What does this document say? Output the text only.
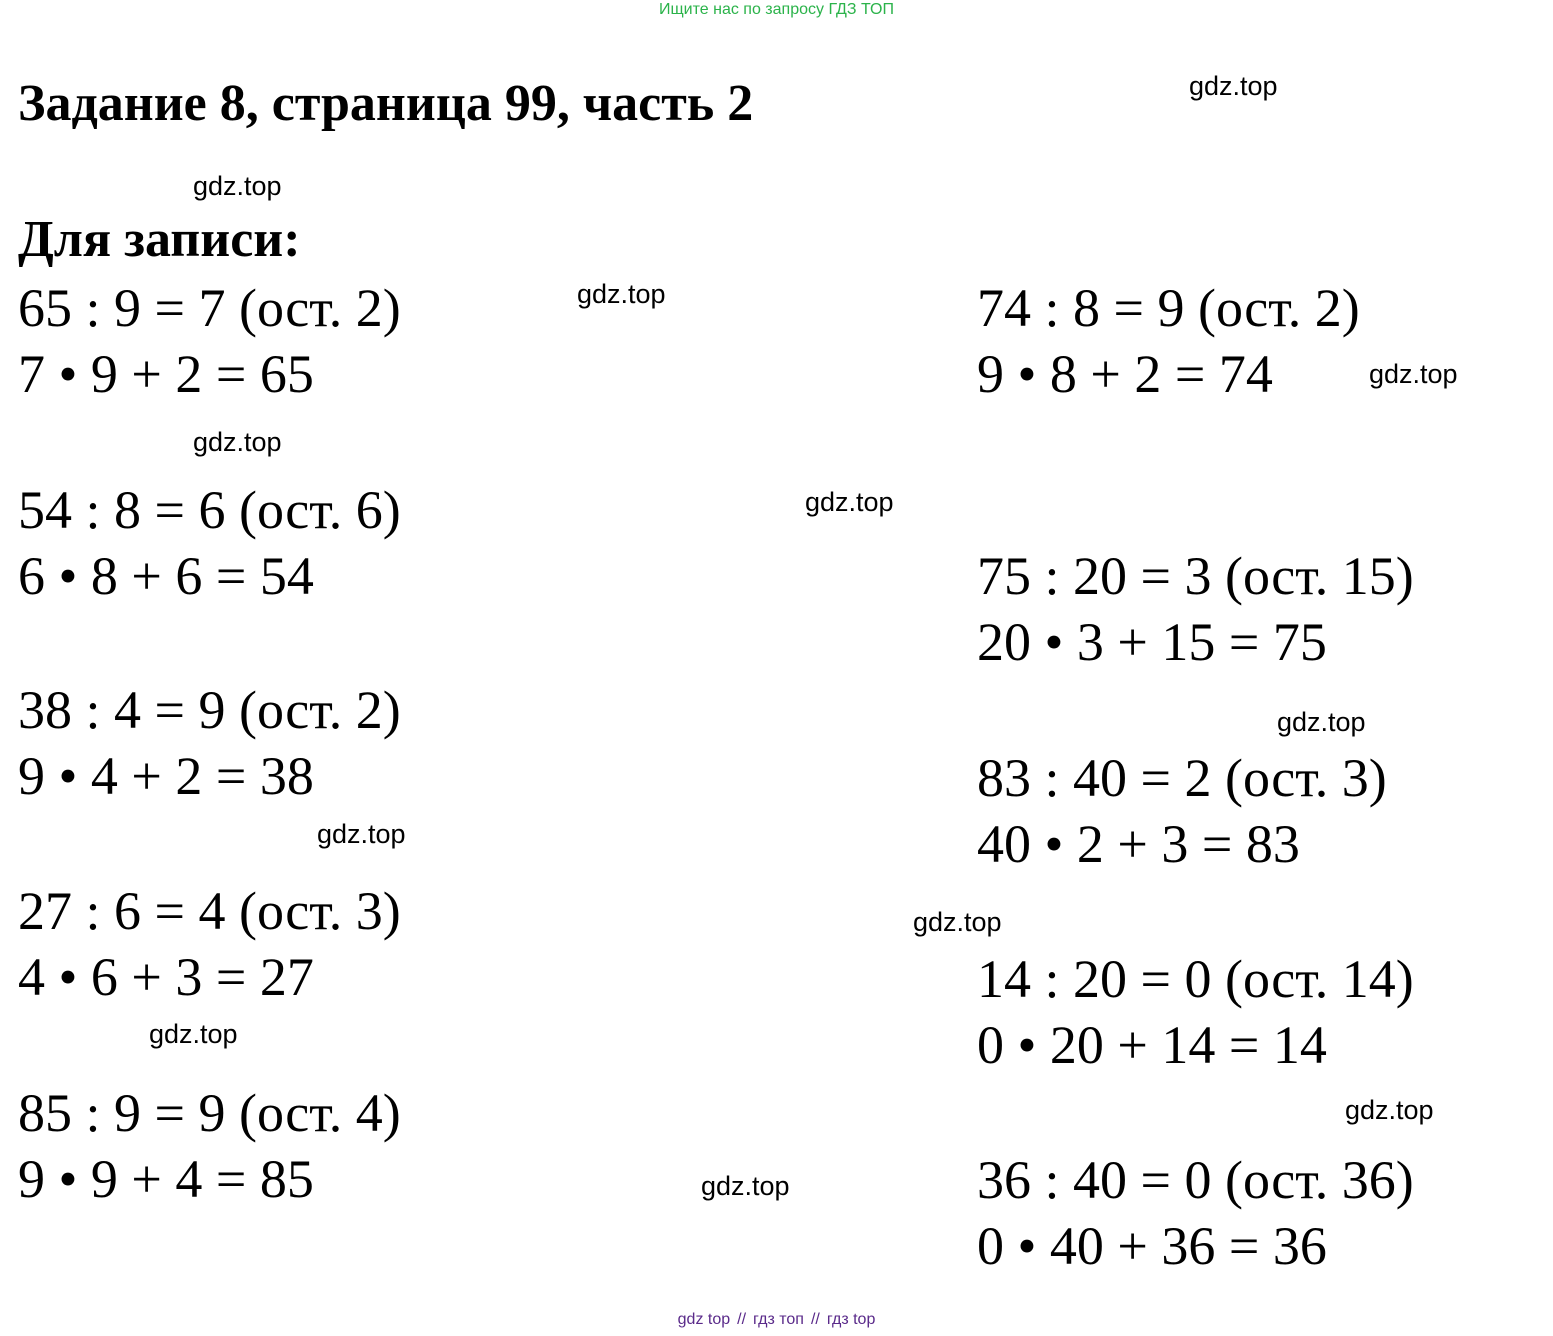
Ищите нас по запросу ГДЗ ТОП
Задание 8, страница 99, часть 2
Для записи:
65 : 9 = 7 (ост. 2)
7 • 9 + 2 = 65
54 : 8 = 6 (ост. 6)
6 • 8 + 6 = 54
38 : 4 = 9 (ост. 2)
9 • 4 + 2 = 38
27 : 6 = 4 (ост. 3)
4 • 6 + 3 = 27
85 : 9 = 9 (ост. 4)
9 • 9 + 4 = 85
74 : 8 = 9 (ост. 2)
9 • 8 + 2 = 74
75 : 20 = 3 (ост. 15)
20 • 3 + 15 = 75
83 : 40 = 2 (ост. 3)
40 • 2 + 3 = 83
14 : 20 = 0 (ост. 14)
0 • 20 + 14 = 14
36 : 40 = 0 (ост. 36)
0 • 40 + 36 = 36
gdz.top
gdz.top
gdz.top
gdz.top
gdz.top
gdz.top
gdz.top
gdz.top
gdz.top
gdz.top
gdz.top
gdz.top
gdz top // гдз топ // гдз top
